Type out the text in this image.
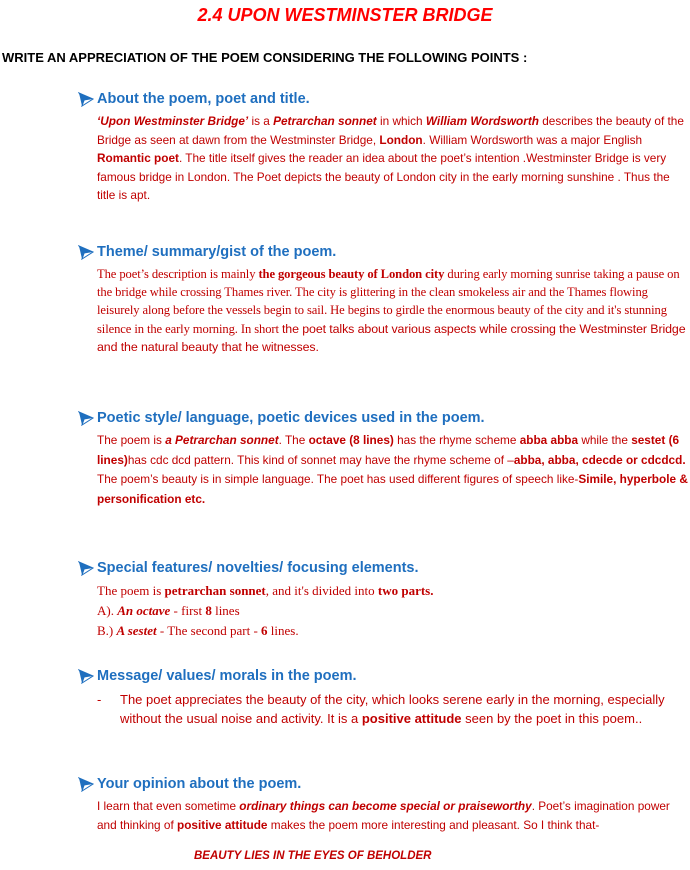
2.4 UPON WESTMINSTER BRIDGE
WRITE AN APPRECIATION OF THE POEM CONSIDERING THE FOLLOWING POINTS :
About the poem, poet and title.

‘Upon Westminster Bridge’ is a Petrarchan sonnet in which William Wordsworth describes the beauty of the Bridge as seen at dawn from the Westminster Bridge, London. William Wordsworth was a major English Romantic poet. The title itself gives the reader an idea about the poet’s intention .Westminster Bridge is very famous bridge in London. The Poet depicts the beauty of London city in the early morning sunshine . Thus the title is apt.

Theme/ summary/gist of the poem.

The poet’s description is mainly the gorgeous beauty of London city during early morning sunrise taking a pause on the bridge while crossing Thames river. The city is glittering in the clean smokeless air and the Thames flowing leisurely along before the vessels begin to sail. He begins to girdle the enormous beauty of the city and it's stunning silence in the early morning. In short the poet talks about various aspects while crossing the Westminster Bridge and the natural beauty that he witnesses.

Poetic style/ language, poetic devices used in the poem.

The poem is a Petrarchan sonnet. The octave (8 lines) has the rhyme scheme abba abba while the sestet (6 lines)has cdc dcd pattern. This kind of sonnet may have the rhyme scheme of –abba, abba, cdecde or cdcdcd. The poem’s beauty is in simple language. The poet has used different figures of speech like-Simile, hyperbole & personification etc.

Special features/ novelties/ focusing elements.

The poem is petrarchan sonnet, and it's divided into two parts.

A). An octave - first 8 lines

B.) A sestet - The second part - 6 lines.

Message/ values/ morals in the poem.
- The poet appreciates the beauty of the city, which looks serene early in the morning, especially without the usual noise and activity. It is a positive attitude seen by the poet in this poem..
Your opinion about the poem.

I learn that even sometime ordinary things can become special or praiseworthy. Poet’s imagination power and thinking of positive attitude makes the poem more interesting and pleasant. So I think that-

BEAUTY LIES IN THE EYES OF BEHOLDER
